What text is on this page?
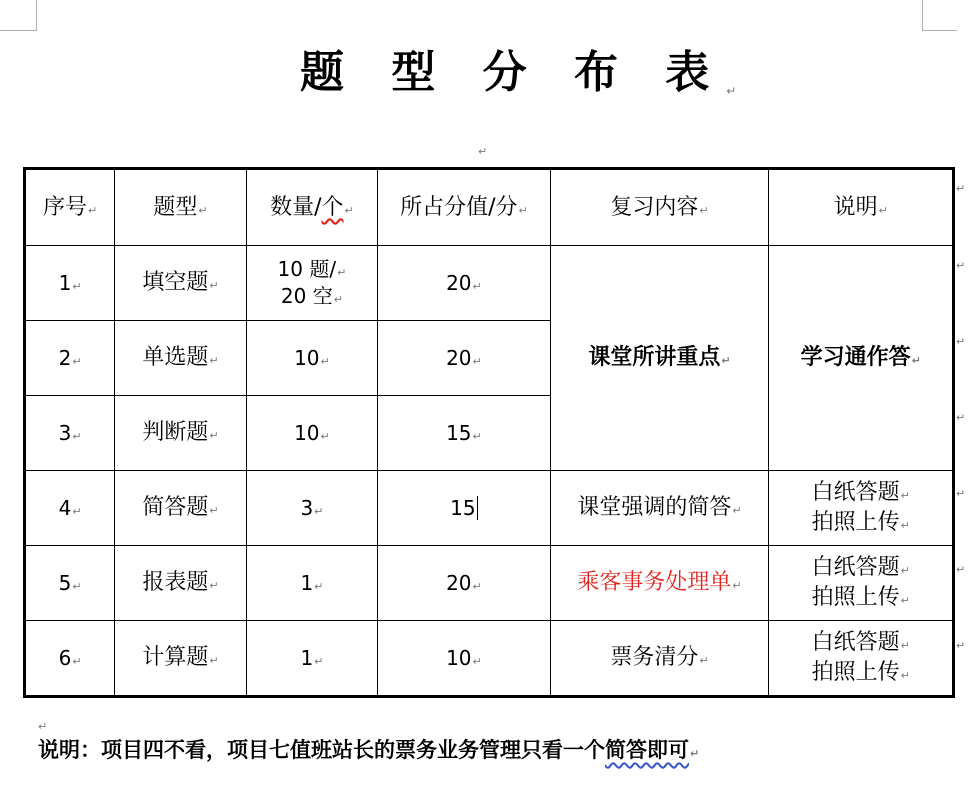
题 型 分 布 表↵
↵
序号↵	题型↵	数量/个↵	所占分值/分↵	复习内容↵	说明↵
1↵	填空题↵	10 题/↵
20 空↵	20↵	课堂所讲重点↵	学习通作答↵
2↵	单选题↵	10↵	20↵		
3↵	判断题↵	10↵	15↵		
4↵	简答题↵	3↵	15	课堂强调的简答↵	白纸答题↵
拍照上传↵
5↵	报表题↵	1↵	20↵	乘客事务处理单↵	白纸答题↵
拍照上传↵
6↵	计算题↵	1↵	10↵	票务清分↵	白纸答题↵
拍照上传↵
↵
↵
↵
↵
↵
↵
↵
↵
说明：项目四不看，项目七值班站长的票务业务管理只看一个简答即可↵
